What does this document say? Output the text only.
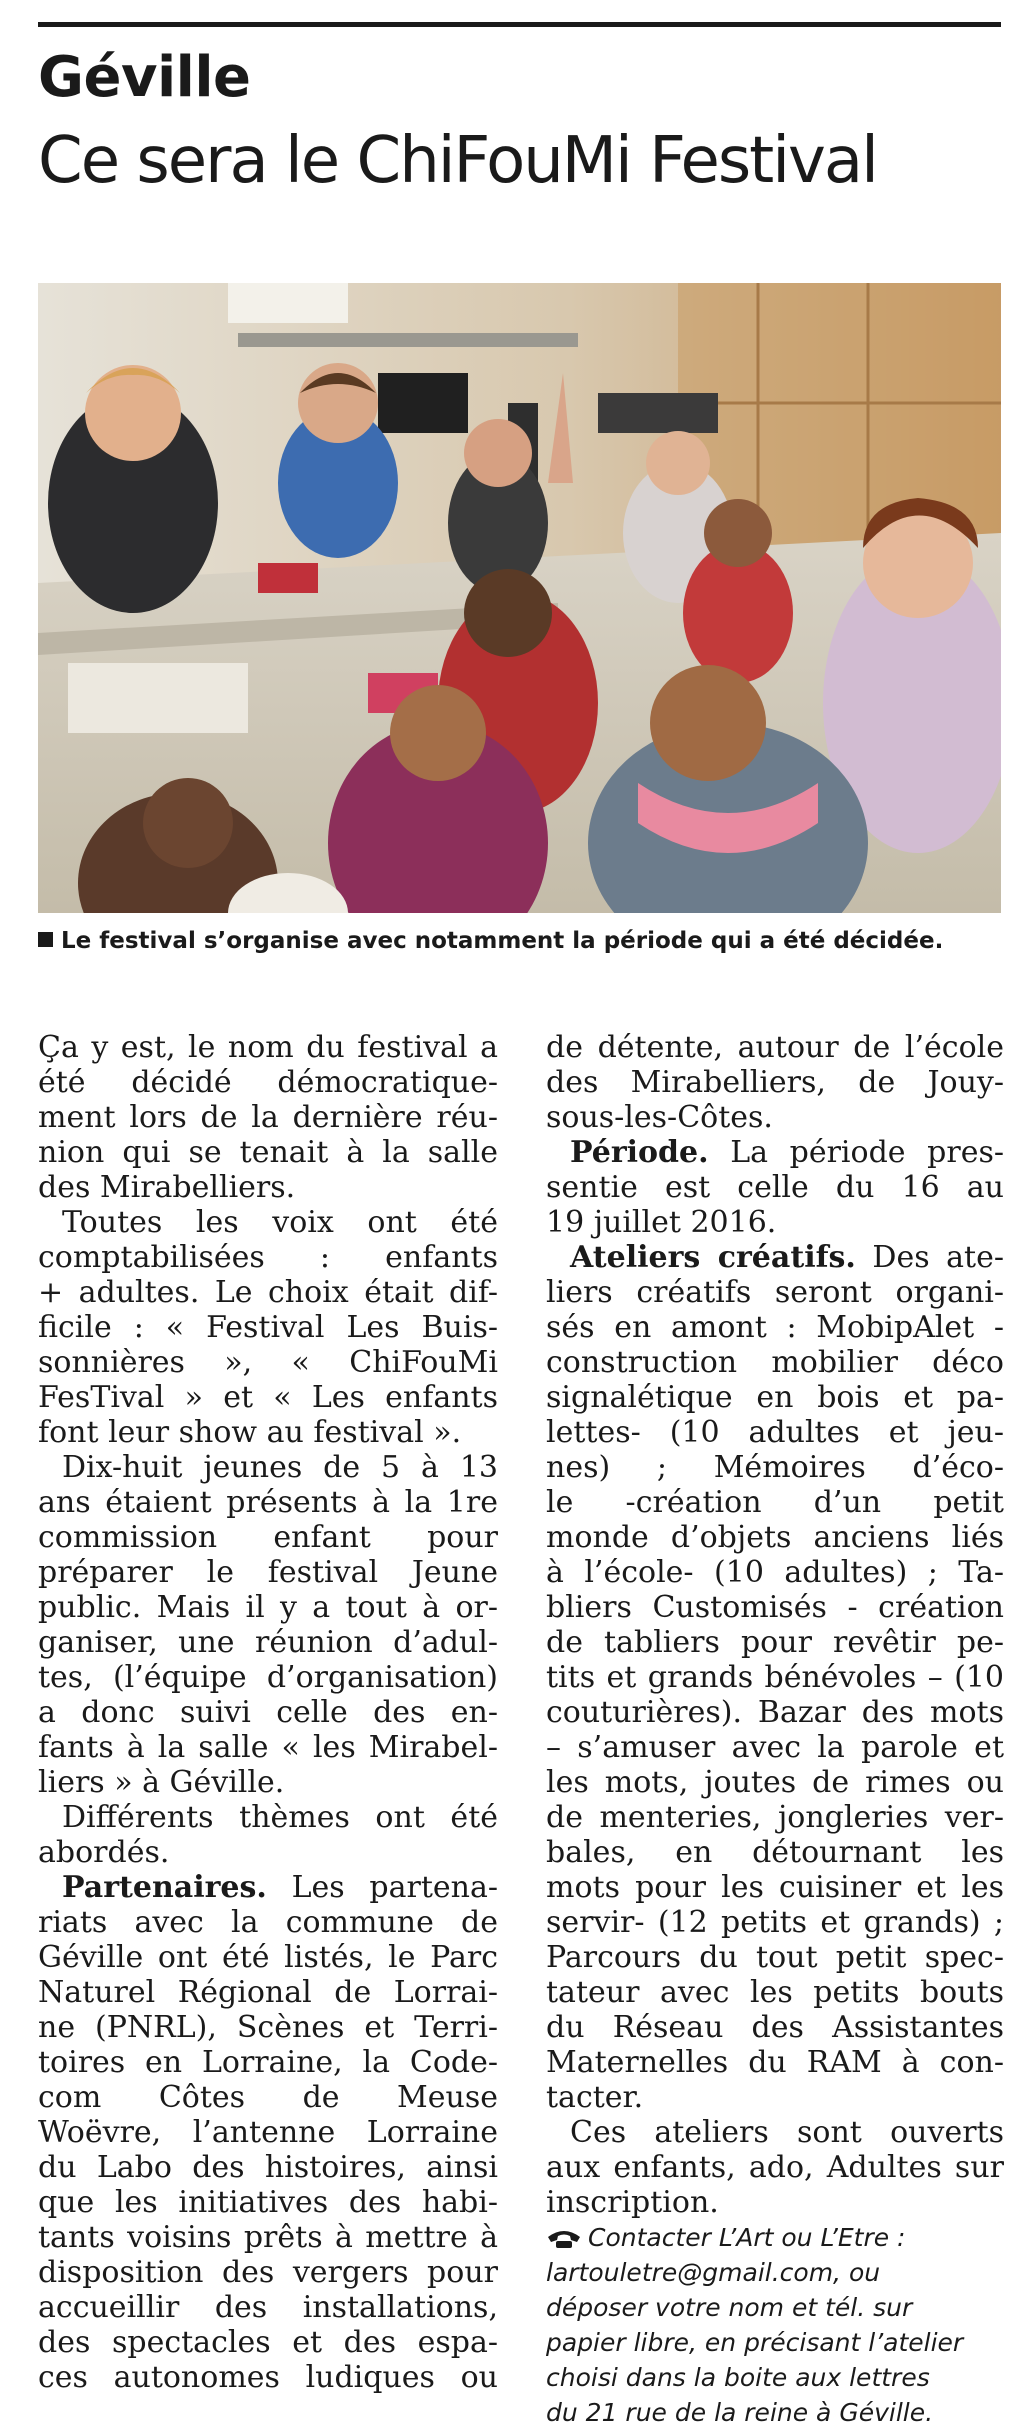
Géville
Ce sera le ChiFouMi Festival
Le festival s’organise avec notamment la période qui a été décidée.
Ça y est, le nom du festival a
été décidé démocratique-
ment lors de la dernière réu-
nion qui se tenait à la salle
des Mirabelliers.
Toutes les voix ont été
comptabilisées : enfants
+ adultes. Le choix était dif-
ficile : « Festival Les Buis-
sonnières », « ChiFouMi
FesTival » et « Les enfants
font leur show au festival ».
Dix-huit jeunes de 5 à 13
ans étaient présents à la 1re
commission enfant pour
préparer le festival Jeune
public. Mais il y a tout à or-
ganiser, une réunion d’adul-
tes, (l’équipe d’organisation)
a donc suivi celle des en-
fants à la salle « les Mirabel-
liers » à Géville.
Différents thèmes ont été
abordés.
Partenaires. Les partena-
riats avec la commune de
Géville ont été listés, le Parc
Naturel Régional de Lorrai-
ne (PNRL), Scènes et Terri-
toires en Lorraine, la Code-
com Côtes de Meuse
Woëvre, l’antenne Lorraine
du Labo des histoires, ainsi
que les initiatives des habi-
tants voisins prêts à mettre à
disposition des vergers pour
accueillir des installations,
des spectacles et des espa-
ces autonomes ludiques ou
de détente, autour de l’école
des Mirabelliers, de Jouy-
sous-les-Côtes.
Période. La période pres-
sentie est celle du 16 au
19 juillet 2016.
Ateliers créatifs. Des ate-
liers créatifs seront organi-
sés en amont : MobipAlet -
construction mobilier déco
signalétique en bois et pa-
lettes- (10 adultes et jeu-
nes) ; Mémoires d’éco-
le -création d’un petit
monde d’objets anciens liés
à l’école- (10 adultes) ; Ta-
bliers Customisés - création
de tabliers pour revêtir pe-
tits et grands bénévoles – (10
couturières). Bazar des mots
– s’amuser avec la parole et
les mots, joutes de rimes ou
de menteries, jongleries ver-
bales, en détournant les
mots pour les cuisiner et les
servir- (12 petits et grands) ;
Parcours du tout petit spec-
tateur avec les petits bouts
du Réseau des Assistantes
Maternelles du RAM à con-
tacter.
Ces ateliers sont ouverts
aux enfants, ado, Adultes sur
inscription.
Contacter L’Art ou L’Etre :
lartouletre@gmail.com, ou
déposer votre nom et tél. sur
papier libre, en précisant l’atelier
choisi dans la boite aux lettres
du 21 rue de la reine à Géville.
